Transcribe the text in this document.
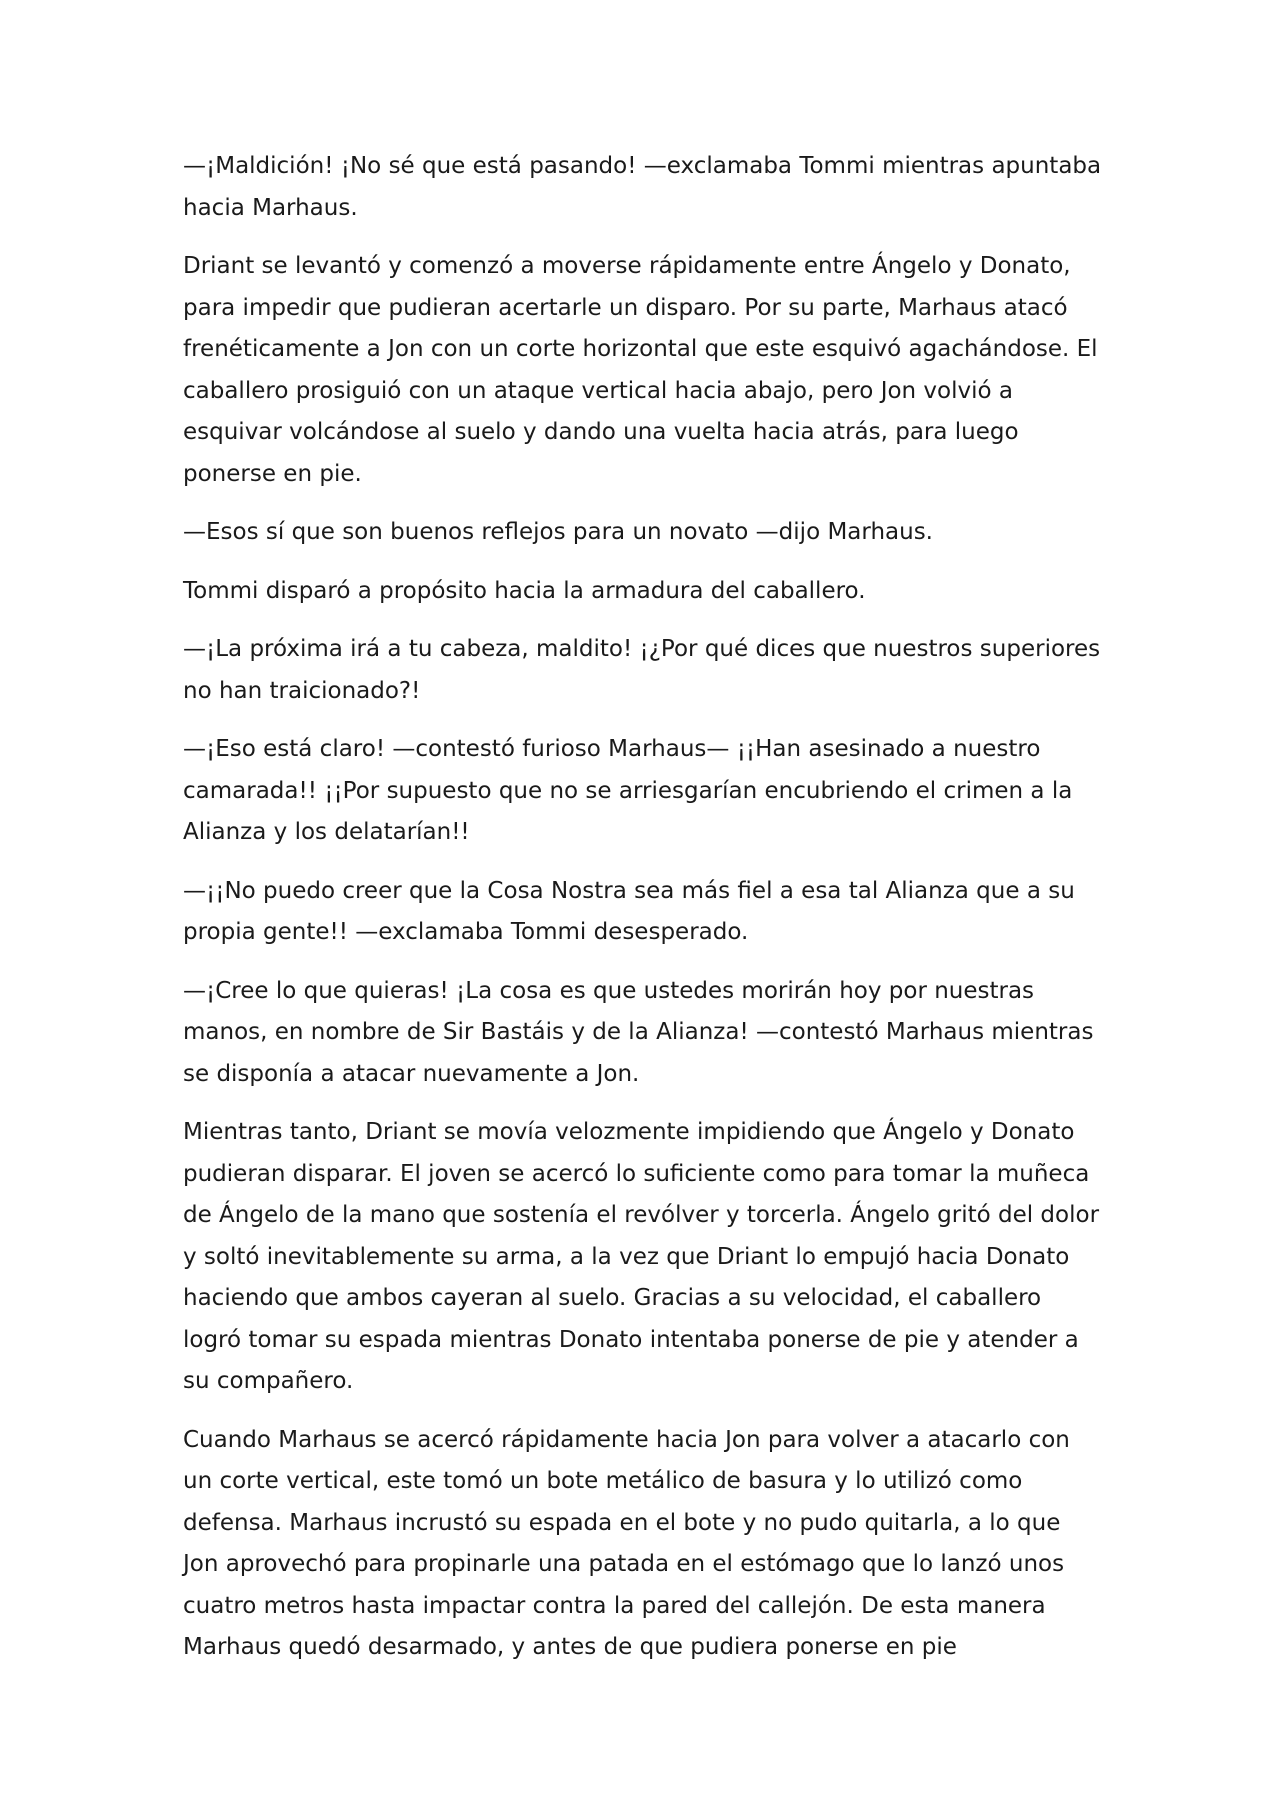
—¡Maldición! ¡No sé que está pasando! —exclamaba Tommi mientras apuntaba hacia Marhaus.

Driant se levantó y comenzó a moverse rápidamente entre Ángelo y Donato, para impedir que pudieran acertarle un disparo. Por su parte, Marhaus atacó frenéticamente a Jon con un corte horizontal que este esquivó agachándose. El caballero prosiguió con un ataque vertical hacia abajo, pero Jon volvió a esquivar volcándose al suelo y dando una vuelta hacia atrás, para luego ponerse en pie.

—Esos sí que son buenos reflejos para un novato —dijo Marhaus.

Tommi disparó a propósito hacia la armadura del caballero.

—¡La próxima irá a tu cabeza, maldito! ¡¿Por qué dices que nuestros superiores no han traicionado?!

—¡Eso está claro! —contestó furioso Marhaus— ¡¡Han asesinado a nuestro camarada!! ¡¡Por supuesto que no se arriesgarían encubriendo el crimen a la Alianza y los delatarían!!

—¡¡No puedo creer que la Cosa Nostra sea más fiel a esa tal Alianza que a su propia gente!! —exclamaba Tommi desesperado.

—¡Cree lo que quieras! ¡La cosa es que ustedes morirán hoy por nuestras manos, en nombre de Sir Bastáis y de la Alianza! —contestó Marhaus mientras se disponía a atacar nuevamente a Jon.

Mientras tanto, Driant se movía velozmente impidiendo que Ángelo y Donato pudieran disparar. El joven se acercó lo suficiente como para tomar la muñeca de Ángelo de la mano que sostenía el revólver y torcerla. Ángelo gritó del dolor y soltó inevitablemente su arma, a la vez que Driant lo empujó hacia Donato haciendo que ambos cayeran al suelo. Gracias a su velocidad, el caballero logró tomar su espada mientras Donato intentaba ponerse de pie y atender a su compañero.

Cuando Marhaus se acercó rápidamente hacia Jon para volver a atacarlo con un corte vertical, este tomó un bote metálico de basura y lo utilizó como defensa. Marhaus incrustó su espada en el bote y no pudo quitarla, a lo que Jon aprovechó para propinarle una patada en el estómago que lo lanzó unos cuatro metros hasta impactar contra la pared del callejón. De esta manera Marhaus quedó desarmado, y antes de que pudiera ponerse en pie
